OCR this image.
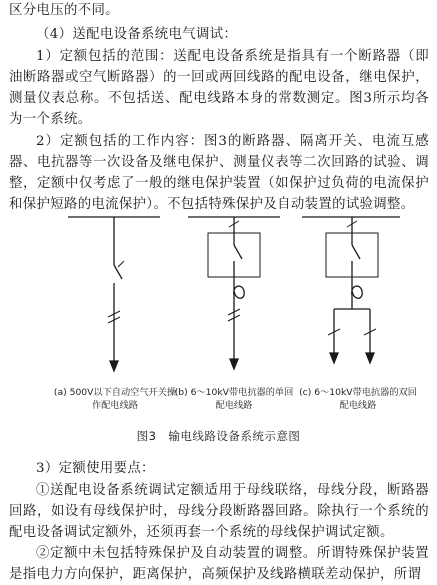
区分电压的不同。

（4）送配电设备系统电气调试：

1）定额包括的范围：送配电设备系统是指具有一个断路器（即油断路器或空气断路器）的一回或两回线路的配电设备，继电保护，测量仪表总称。不包括送、配电线路本身的常数测定。图3所示均各为一个系统。

2）定额包括的工作内容：图3的断路器、隔离开关、电流互感器、电抗器等一次设备及继电保护、测量仪表等二次回路的试验、调整，定额中仅考虑了一般的继电保护装置（如保护过负荷的电流保护和保护短路的电流保护）。不包括特殊保护及自动装置的试验调整。

(a) 500V以下自动空气开关操作配电线路
(b) 6～10kV带电抗器的单回配电线路
(c) 6～10kV带电抗器的双回配电线路
图3　输电线路设备系统示意图

3）定额使用要点：

①送配电设备系统调试定额适用于母线联络，母线分段，断路器回路，如设有母线保护时，母线分段断路器回路。除执行一个系统的配电设备调试定额外，还须再套一个系统的母线保护调试定额。

②定额中未包括特殊保护及自动装置的调整。所谓特殊保护装置是指电力方向保护，距离保护，高频保护及线路横联差动保护，所谓
